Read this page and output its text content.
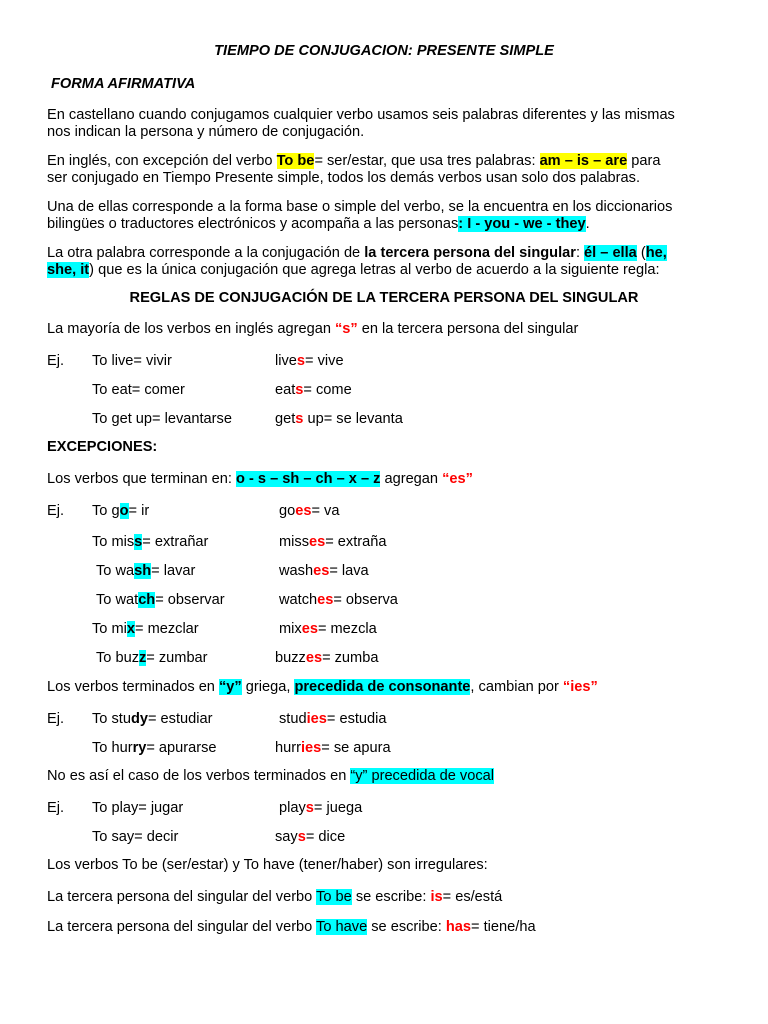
TIEMPO DE CONJUGACION: PRESENTE SIMPLE
FORMA AFIRMATIVA
En castellano cuando conjugamos cualquier verbo usamos seis palabras diferentes y las mismas
nos indican la persona y número de conjugación.
En inglés, con excepción del verbo To be= ser/estar, que usa tres palabras: am – is – are para
ser conjugado en Tiempo Presente simple, todos los demás verbos usan solo dos palabras.
Una de ellas corresponde a la forma base o simple del verbo, se la encuentra en los diccionarios
bilingües o traductores electrónicos y acompaña a las personas: I - you - we - they.
La otra palabra corresponde a la conjugación de la tercera persona del singular: él – ella (he,
she, it) que es la única conjugación que agrega letras al verbo de acuerdo a la siguiente regla:
REGLAS DE CONJUGACIÓN DE LA TERCERA PERSONA DEL SINGULAR
La mayoría de los verbos en inglés agregan “s” en la tercera persona del singular
Ej. To live= vivir	lives= vive
To eat= comer	eats= come
To get up= levantarse	gets up= se levanta
EXCEPCIONES:
Los verbos que terminan en: o - s – sh – ch – x – z agregan “es”
Ej. To go= ir	goes= va
To miss= extrañar	misses= extraña
To wash= lavar	washes= lava
To watch= observar	watches= observa
To mix= mezclar	mixes= mezcla
To buzz= zumbar	buzzes= zumba
Los verbos terminados en “y” griega, precedida de consonante, cambian por “ies”
Ej. To study= estudiar	studies= estudia
To hurry= apurarse	hurries= se apura
No es así el caso de los verbos terminados en “y” precedida de vocal
Ej. To play= jugar	plays= juega
To say= decir	says= dice
Los verbos To be (ser/estar) y To have (tener/haber) son irregulares:
La tercera persona del singular del verbo To be se escribe: is= es/está
La tercera persona del singular del verbo To have se escribe: has= tiene/ha
